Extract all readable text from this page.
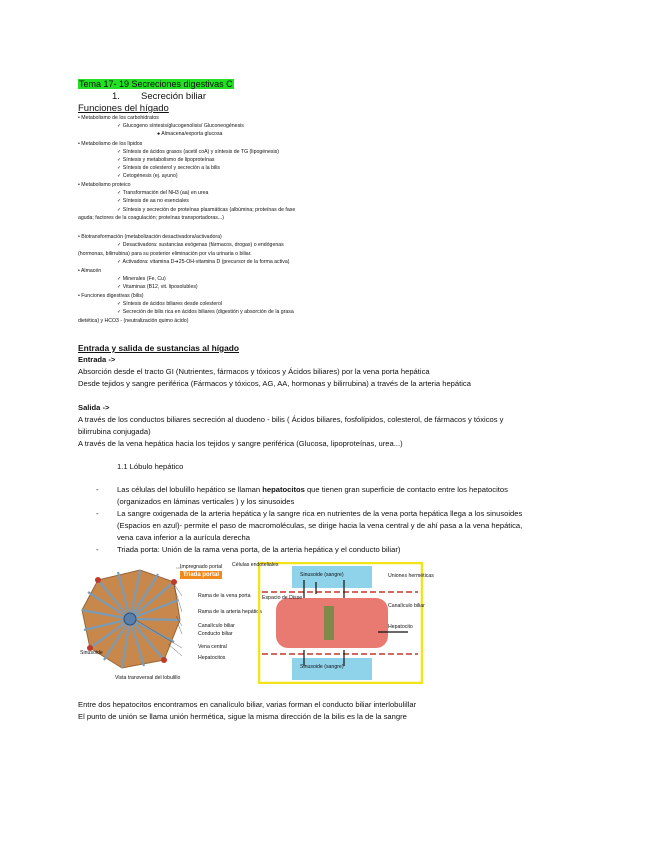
Tema 17- 19 Secreciones digestivas C
1.        Secreción biliar
Funciones del hígado
• Metabolismo de los carbohidratos
✓ Glucogeno síntesis/glucogenolisis/ Gluconeogénesis
● Almacena/exporta glucosa
• Metabolismo de los lípidos
✓ Síntesis de ácidos grasos (acetil coA) y síntesis de TG (lipogénesis)
✓ Síntesis y metabolismo de lipoproteínas
✓ Síntesis de colesterol y secreción a la bilis
✓ Cetogénesis (ej. ayuno)
• Metabolismo proteico
✓ Transformación del NH3 (aa) en urea
✓ Síntesis de aa no esenciales
✓ Síntesis y secreción de proteínas plasmáticas (albúmina; proteínas de fase
aguda; factores de la coagulación; proteínas transportadoras...)
• Biotransformación (metabolización desactivadora/activadora)
✓ Desactivadora: sustancias exógenas (fármacos, drogas) o endógenas
(hormonas, bilirrubina) para su posterior eliminación por vía urinaria o biliar.
✓ Activadora: vitamina D➔25-OH-vitamina D (precursor de la forma activa)
• Almacén
✓ Minerales (Fe, Cu)
✓ Vitaminas (B12, vit. liposolubles)
• Funciones digestivas (bilis)
✓ Síntesis de ácidos biliares desde colesterol
✓ Secreción de bilis rica en ácidos biliares (digestión y absorción de la grasa
dietética) y HCO3 - (neutralización quimo ácido)
Entrada y salida de sustancias al hígado
Entrada ->
Absorción desde el tracto GI (Nutrientes, fármacos y tóxicos y Ácidos biliares) por la vena porta hepática
Desde tejidos y sangre periférica (Fármacos y tóxicos, AG, AA, hormonas y bilirrubina) a través de la arteria hepática
Salida ->
A través de los conductos biliares secreción al duodeno - bilis ( Ácidos biliares, fosfolípidos, colesterol, de fármacos y tóxicos y
bilirrubina conjugada)
A través de la vena hepática hacia los tejidos y sangre periférica (Glucosa, lipoproteínas, urea...)
1.1 Lóbulo hepático
- Las células del lobulillo hepático se llaman hepatocitos que tienen gran superficie de contacto entre los hepatocitos
(organizados en láminas verticales ) y los sinusoides
- La sangre oxigenada de la arteria hepática y la sangre rica en nutrientes de la vena porta hepática llega a los sinusoides
(Espacios en azul)- permite el paso de macromoléculas, se dirige hacia la vena central y de ahí pasa a la vena hepática,
vena cava inferior a la aurícula derecha
- Triada porta: Unión de la rama vena porta, de la arteria hepática y el conducto biliar)
Impregnado portal
Triada portal
Rama de la vena porta
Rama de la arteria hepática
Canalículo biliar
Conducto biliar
Vena central
Sinusoide
Hepatocitos
Vista transversal del lobulillo
Células endoteliales
Espacio de Disse
Sinusoide (sangre)
Sinusoide (sangre)
Hepatocito
Uniones herméticas
Canalículo biliar
Entre dos hepatocitos encontramos en canalículo biliar, varias forman el conducto biliar interlobulillar
El punto de unión se llama unión hermética, sigue la misma dirección de la bilis es la de la sangre
